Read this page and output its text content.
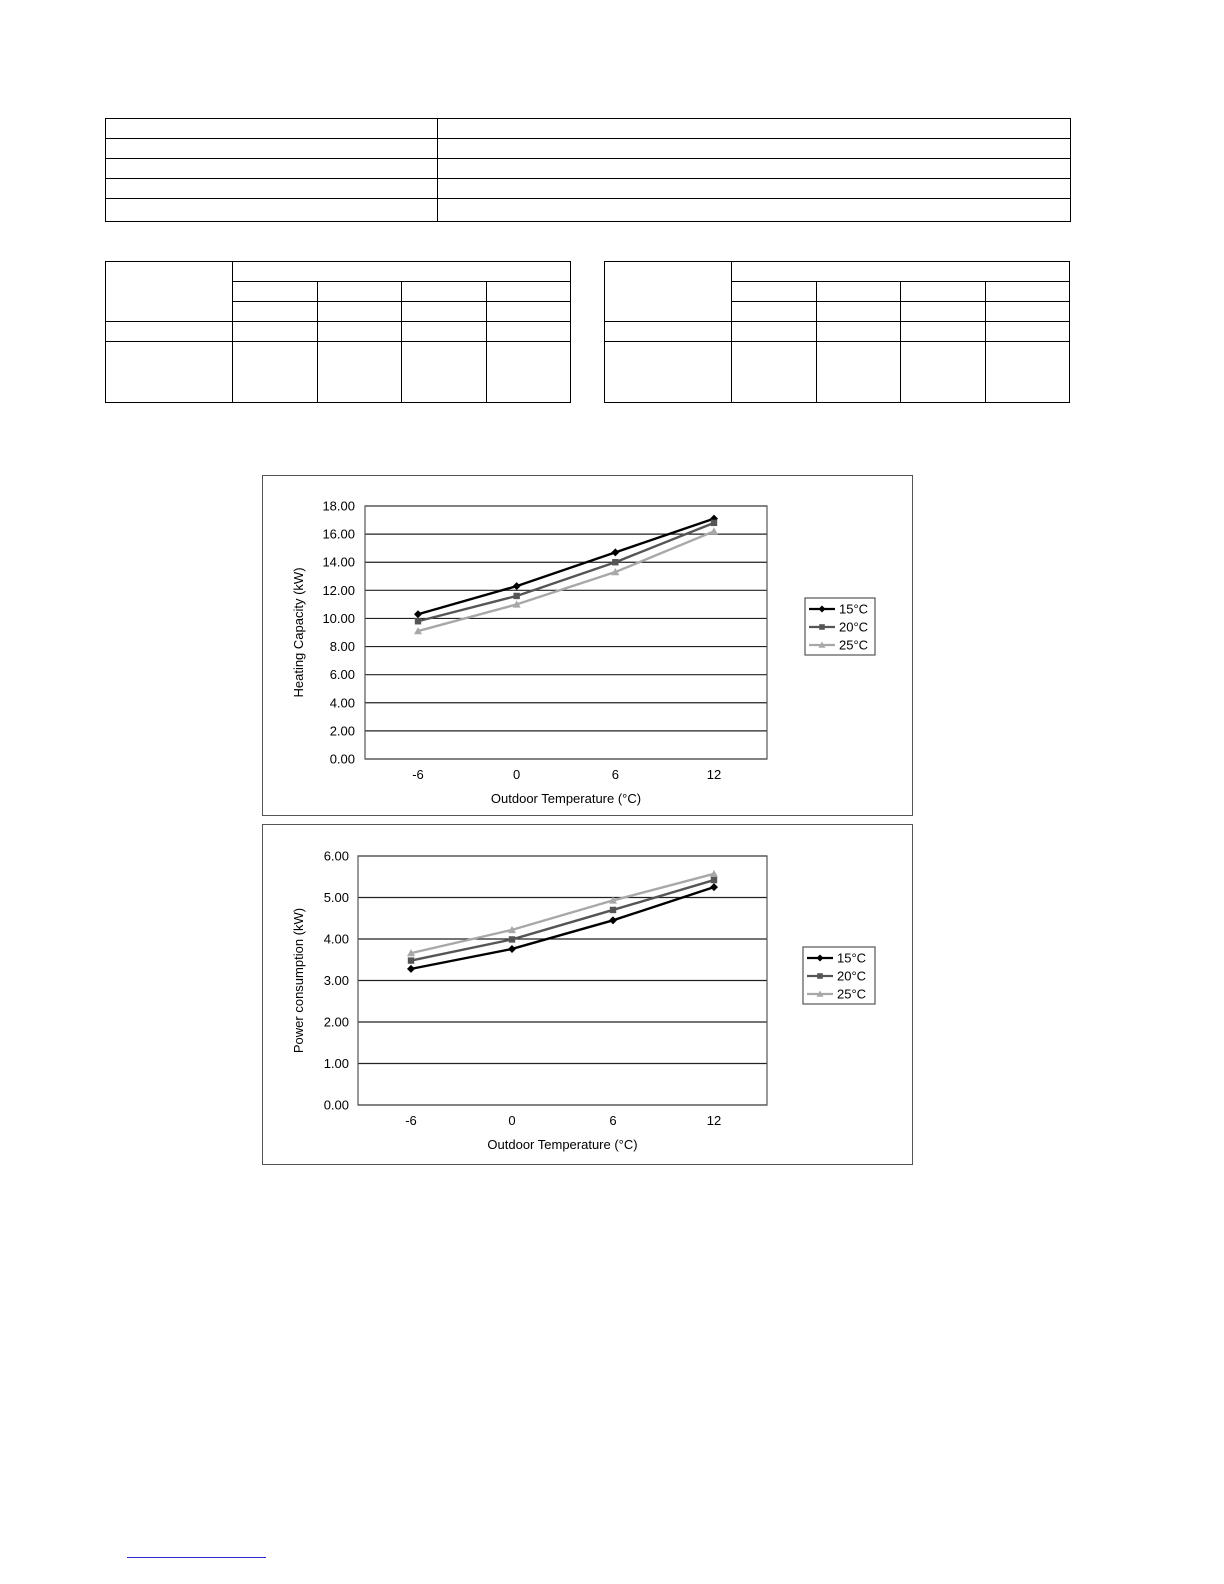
0.00
2.00
4.00
6.00
8.00
10.00
12.00
14.00
16.00
18.00
-6	0	6	12
Heating Capacity (kW)
Outdoor Temperature (°C)
15°C
20°C
25°C
0.00
1.00
2.00
3.00
4.00
5.00
6.00
-6	0	6	12
Power consumption (kW)
Outdoor Temperature (°C)
15°C
20°C
25°C
